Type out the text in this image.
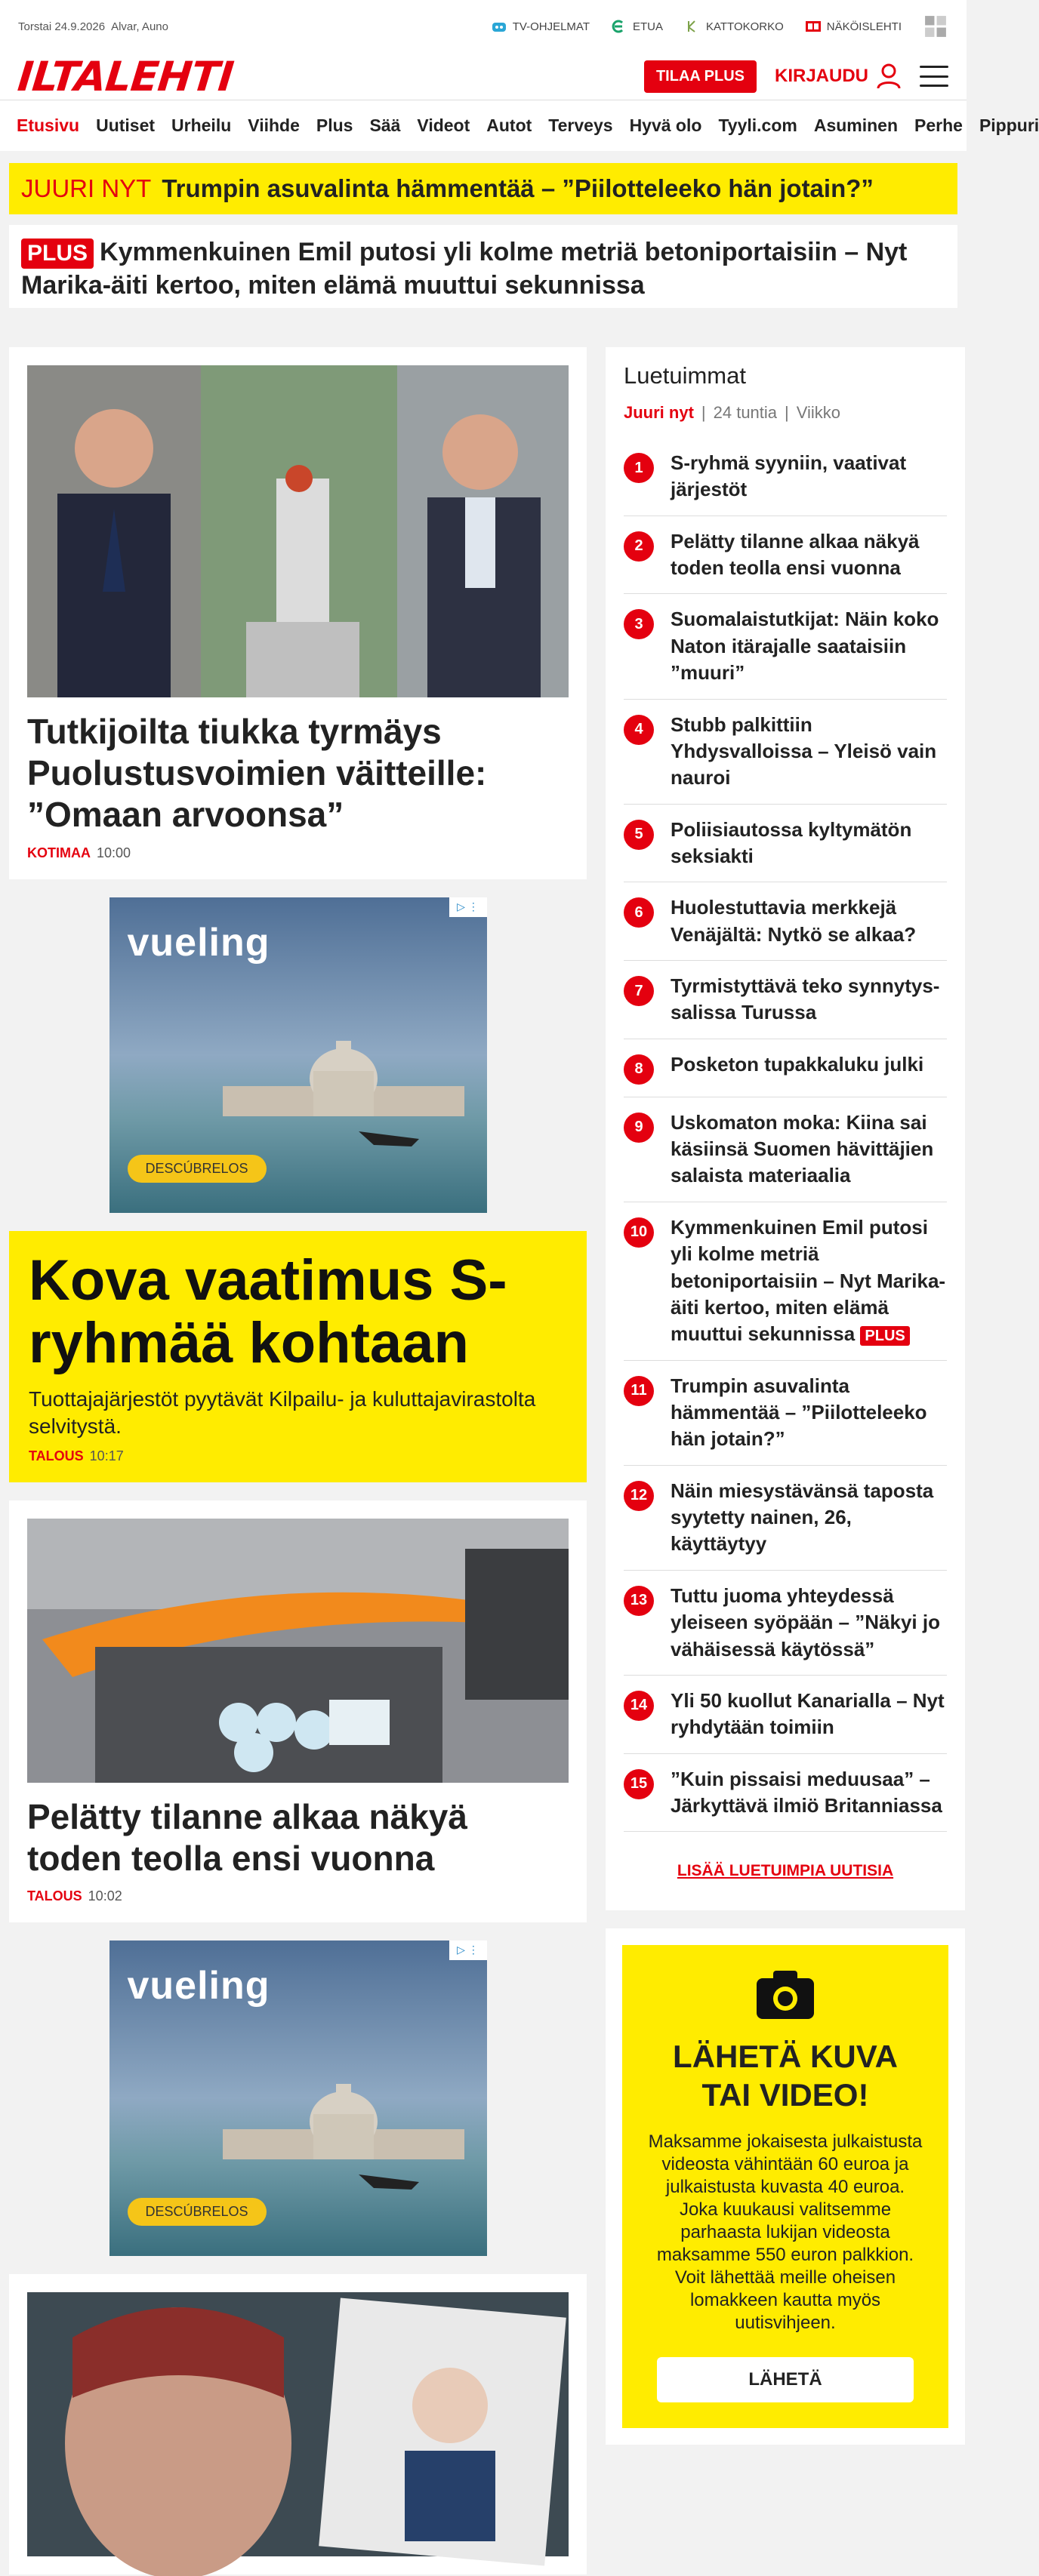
Torstai 24.9.2026 Alvar, Auno	TV-OHJELMAT	ETUA	KATTOKORKO	NÄKÖISLEHTI
ILTALEHTI	TILAA PLUS	KIRJAUDU
Etusivu Uutiset Urheilu Viihde Plus Sää Videot Autot Terveys Hyvä olo Tyyli.com Asuminen Perhe Pippuri
JUURI NYT Trumpin asuvalinta hämmentää – ”Piilotteleeko hän jotain?”
PLUS Kymmenkuinen Emil putosi yli kolme metriä betoniportaisiin – Nyt Marika-äiti kertoo, miten elämä muuttui sekunnissa
Tutkijoilta tiukka tyrmäys Puolustusvoimien väitteille: ”Omaan arvoonsa”
KOTIMAA 10:00
vueling
DESCÚBRELOS
▷ ⋮
Kova vaatimus S-ryhmää kohtaan

Tuottajajärjestöt pyytävät Kilpailu- ja kuluttajavirastolta selvitystä.

TALOUS 10:17
Pelätty tilanne alkaa näkyä toden teolla ensi vuonna
TALOUS 10:02
vueling
DESCÚBRELOS
▷ ⋮
Luetuimmat
Juuri nyt | 24 tuntia | Viikko
1	S-ryhmä syyniin, vaativat järjestöt
2	Pelätty tilanne alkaa näkyä toden teolla ensi vuonna
3	Suomalaistutkijat: Näin koko Naton itärajalle saataisiin ”muuri”
4	Stubb palkittiin Yhdysvalloissa – Yleisö vain nauroi
5	Poliisiautossa kyltymätön seksiakti
6	Huolestuttavia merkkejä Venäjältä: Nytkö se alkaa?
7	Tyrmistyttävä teko synnytyssalissa Turussa
8	Posketon tupakkaluku julki
9	Uskomaton moka: Kiina sai käsiinsä Suomen hävittäjien salaista materiaalia
10	Kymmenkuinen Emil putosi yli kolme metriä betoniportaisiin – Nyt Marika-äiti kertoo, miten elämä muuttui sekunnissa PLUS
11	Trumpin asuvalinta hämmentää – ”Piilotteleeko hän jotain?”
12	Näin miesystävänsä taposta syytetty nainen, 26, käyttäytyy
13	Tuttu juoma yhteydessä yleiseen syöpään – ”Näkyi jo vähäisessä käytössä”
14	Yli 50 kuollut Kanarialla – Nyt ryhdytään toimiin
15	”Kuin pissaisi meduusaa” – Järkyttävä ilmiö Britanniassa
LISÄÄ LUETUIMPIA UUTISIA
LÄHETÄ KUVA TAI VIDEO!

Maksamme jokaisesta julkaistusta videosta vähintään 60 euroa ja julkaistusta kuvasta 40 euroa. Joka kuukausi valitsemme parhaasta lukijan videosta maksamme 550 euron palkkion. Voit lähettää meille oheisen lomakkeen kautta myös uutisvihjeen.

LÄHETÄ
